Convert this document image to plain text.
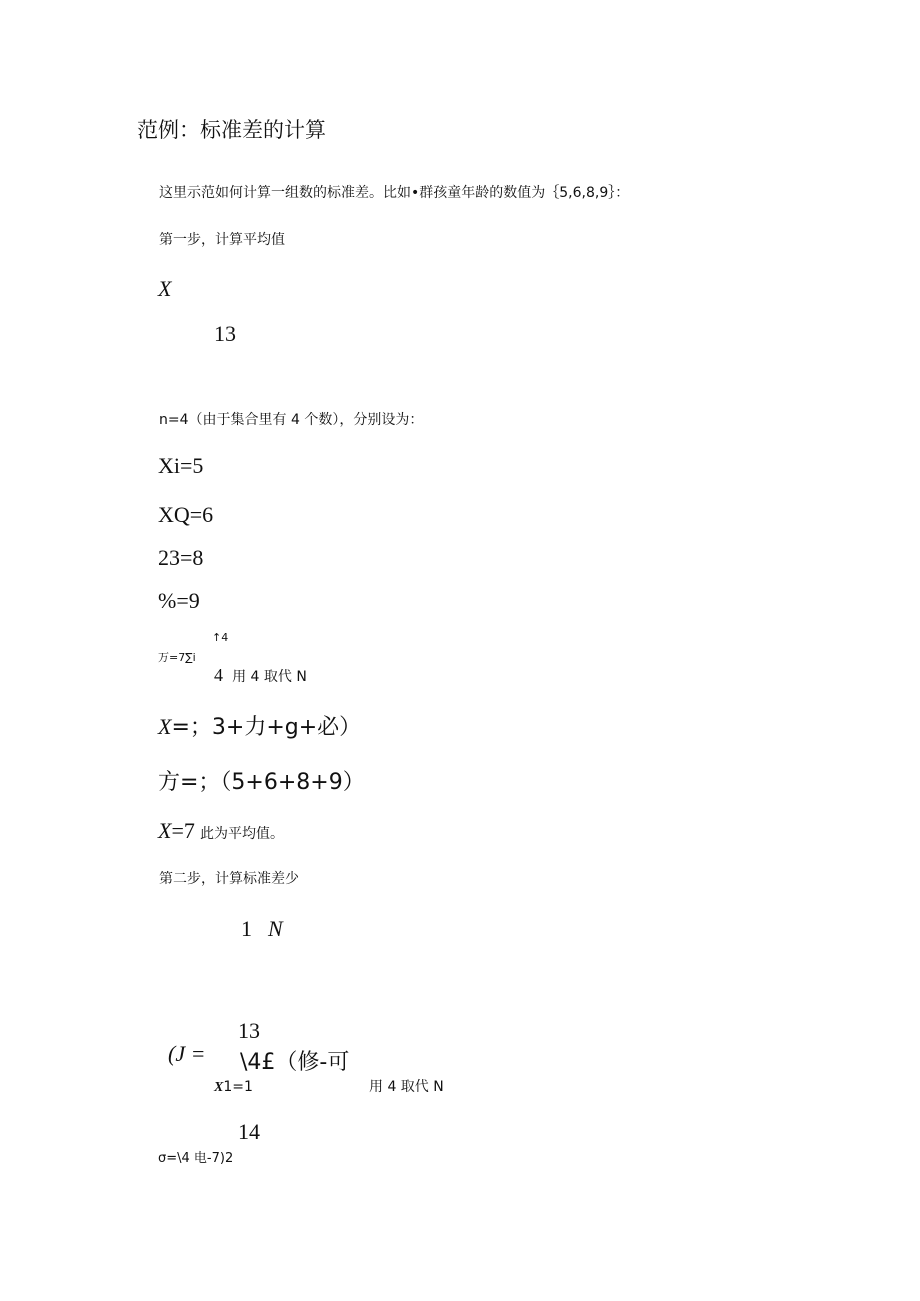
范例：标准差的计算
这里示范如何计算一组数的标准差。比如•群孩童年龄的数值为｛5,6,8,9｝：
第一步，计算平均值
X
13
n=4（由于集合里有 4 个数），分别设为：
Xi=5
XQ=6
23=8
%=9
万=7∑i
↑4
4 用 4 取代 N
X=；3+力+g+必）
方=；（5+6+8+9）
X=7 此为平均值。
第二步，计算标准差少
1 N
13
(J = \4£（修-可
X1=1	用 4 取代 N
14
σ=\4 电-7)2
